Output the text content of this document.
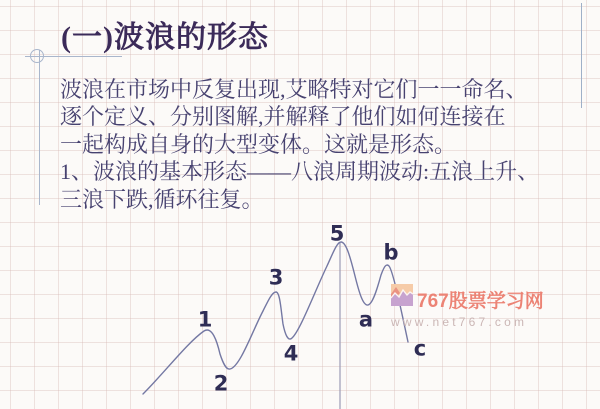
(一)波浪的形态
波浪在市场中反复出现,艾略特对它们一一命名、
逐个定义、分别图解,并解释了他们如何连接在
一起构成自身的大型变体。这就是形态。
1、波浪的基本形态——八浪周期波动:五浪上升、
三浪下跌,循环往复。
1
2
3
4
5
a
b
c
767股票学习网
www.net767.com
